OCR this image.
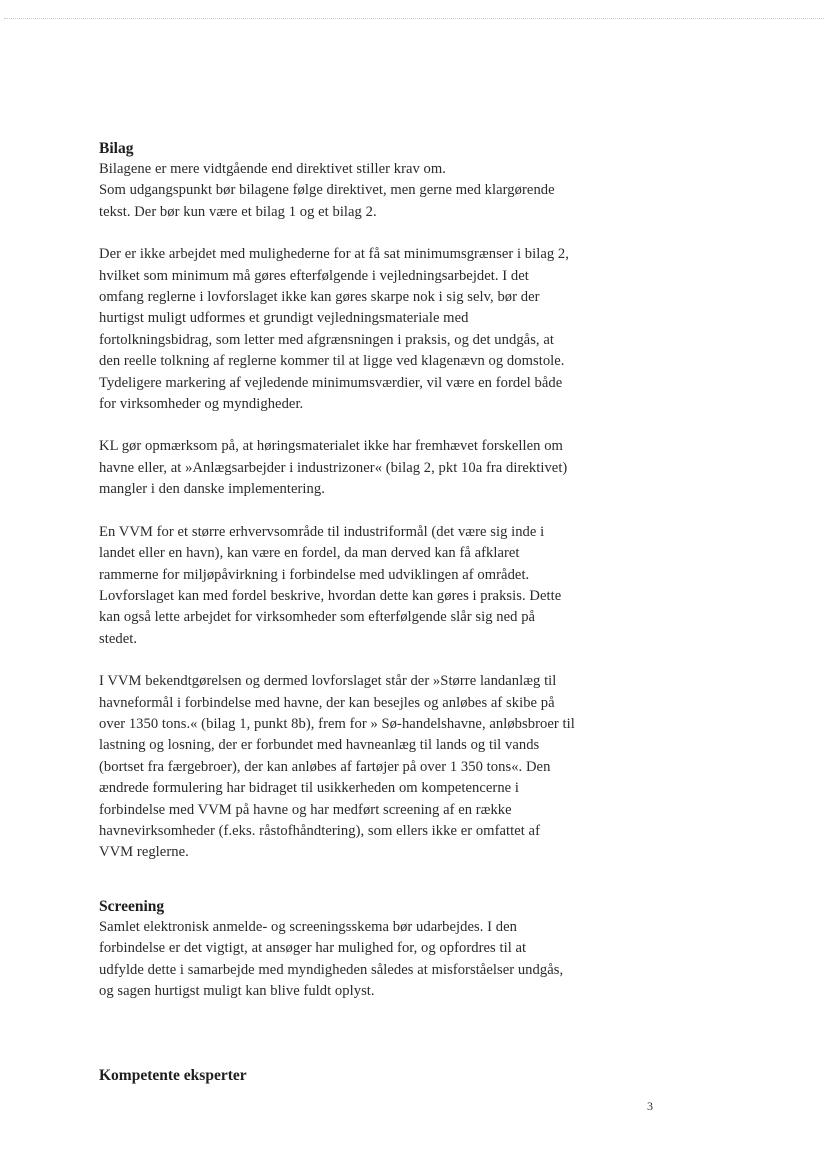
Bilag
Bilagene er mere vidtgående end direktivet stiller krav om.
Som udgangspunkt bør bilagene følge direktivet, men gerne med klargørende
tekst. Der bør kun være et bilag 1 og et bilag 2.
Der er ikke arbejdet med mulighederne for at få sat minimumsgrænser i bilag 2,
hvilket som minimum må gøres efterfølgende i vejledningsarbejdet. I det
omfang reglerne i lovforslaget ikke kan gøres skarpe nok i sig selv, bør der
hurtigst muligt udformes et grundigt vejledningsmateriale med
fortolkningsbidrag, som letter med afgrænsningen i praksis, og det undgås, at
den reelle tolkning af reglerne kommer til at ligge ved klagenævn og domstole.
Tydeligere markering af vejledende minimumsværdier, vil være en fordel både
for virksomheder og myndigheder.
KL gør opmærksom på, at høringsmaterialet ikke har fremhævet forskellen om
havne eller, at »Anlægsarbejder i industrizoner« (bilag 2, pkt 10a fra direktivet)
mangler i den danske implementering.
En VVM for et større erhvervsområde til industriformål (det være sig inde i
landet eller en havn), kan være en fordel, da man derved kan få afklaret
rammerne for miljøpåvirkning i forbindelse med udviklingen af området.
Lovforslaget kan med fordel beskrive, hvordan dette kan gøres i praksis. Dette
kan også lette arbejdet for virksomheder som efterfølgende slår sig ned på
stedet.
I VVM bekendtgørelsen og dermed lovforslaget står der »Større landanlæg til
havneformål i forbindelse med havne, der kan besejles og anløbes af skibe på
over 1350 tons.« (bilag 1, punkt 8b), frem for » Sø-handelshavne, anløbsbroer til
lastning og losning, der er forbundet med havneanlæg til lands og til vands
(bortset fra færgebroer), der kan anløbes af fartøjer på over 1 350 tons«. Den
ændrede formulering har bidraget til usikkerheden om kompetencerne i
forbindelse med VVM på havne og har medført screening af en række
havnevirksomheder (f.eks. råstofhåndtering), som ellers ikke er omfattet af
VVM reglerne.
Screening
Samlet elektronisk anmelde- og screeningsskema bør udarbejdes. I den
forbindelse er det vigtigt, at ansøger har mulighed for, og opfordres til at
udfylde dette i samarbejde med myndigheden således at misforståelser undgås,
og sagen hurtigst muligt kan blive fuldt oplyst.
Kompetente eksperter
3
